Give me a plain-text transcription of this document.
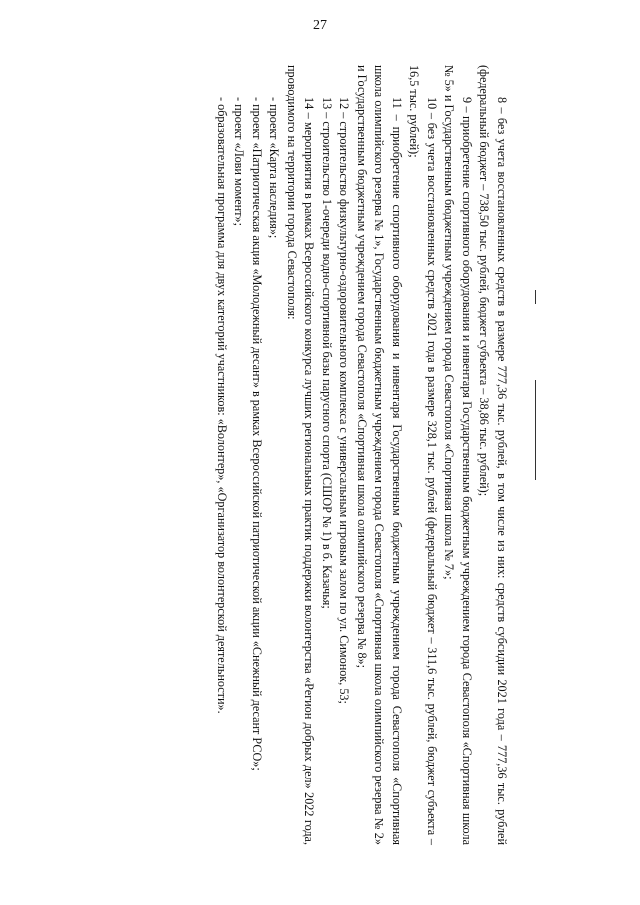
27

8 – без учета восстановленных средств в размере 777,36 тыс. рублей, в том числе из них: средств субсидии 2021 года – 777,36 тыс. рублей (федеральный бюджет – 738,50 тыс. рублей, бюджет субъекта – 38,86 тыс. рублей);

9 – приобретение спортивного оборудования и инвентаря Государственным бюджетным учреждением города Севастополя «Спортивная школа № 5» и Государственным бюджетным учреждением города Севастополя «Спортивная школа № 7»;

10 – без учета восстановленных средств 2021 года в размере 328,1 тыс. рублей (федеральный бюджет – 311,6 тыс. рублей, бюджет субъекта – 16,5 тыс. рублей);

11 – приобретение спортивного оборудования и инвентаря Государственным бюджетным учреждением города Севастополя «Спортивная школа олимпийского резерва № 1», Государственным бюджетным учреждением города Севастополя «Спортивная школа олимпийского резерва № 2» и Государственным бюджетным учреждением города Севастополя «Спортивная школа олимпийского резерва № 8»;

12 – строительство физкультурно-оздоровительного комплекса с универсальным игровым залом по ул. Симонок, 53;

13 – строительство 1-очереди водно-спортивной базы парусного спорта (СШОР № 1) в б. Казачья;

14 – мероприятия в рамках Всероссийского конкурса лучших региональных практик поддержки волонтерства «Регион добрых дел» 2022 года, проводимого на территории города Севастополя:

- проект «Карта наследия»;

- проект «Патриотическая акция «Молодежный десант» в рамках Всероссийской патриотической акции «Снежный десант РСО»;

- проект «Лови момент»;

- образовательная программа для двух категорий участников: «Волонтер», «Организатор волонтерской деятельности».
